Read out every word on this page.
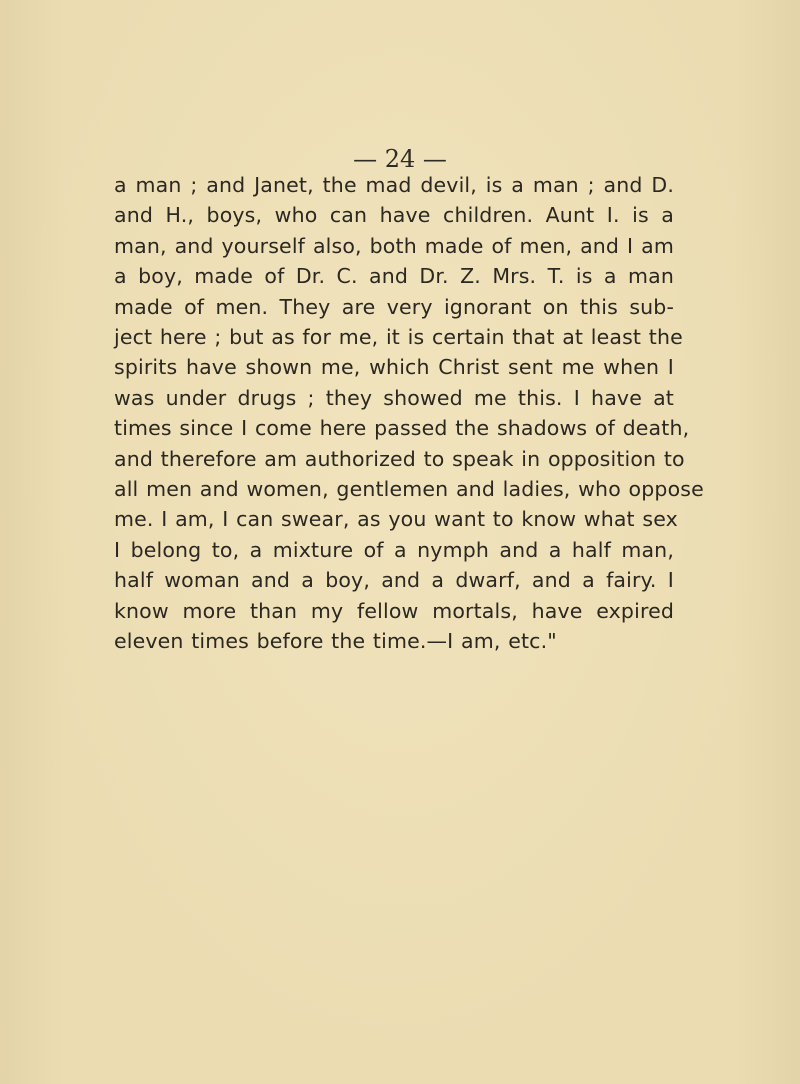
— 24 —
a man ; and Janet, the mad devil, is a man ; and D.
and H., boys, who can have children. Aunt I. is a
man, and yourself also, both made of men, and I am
a boy, made of Dr. C. and Dr. Z. Mrs. T. is a man
made of men. They are very ignorant on this sub-
ject here ; but as for me, it is certain that at least the
spirits have shown me, which Christ sent me when I
was under drugs ; they showed me this. I have at
times since I come here passed the shadows of death,
and therefore am authorized to speak in opposition to
all men and women, gentlemen and ladies, who oppose
me. I am, I can swear, as you want to know what sex
I belong to, a mixture of a nymph and a half man,
half woman and a boy, and a dwarf, and a fairy. I
know more than my fellow mortals, have expired
eleven times before the time.—I am, etc."
